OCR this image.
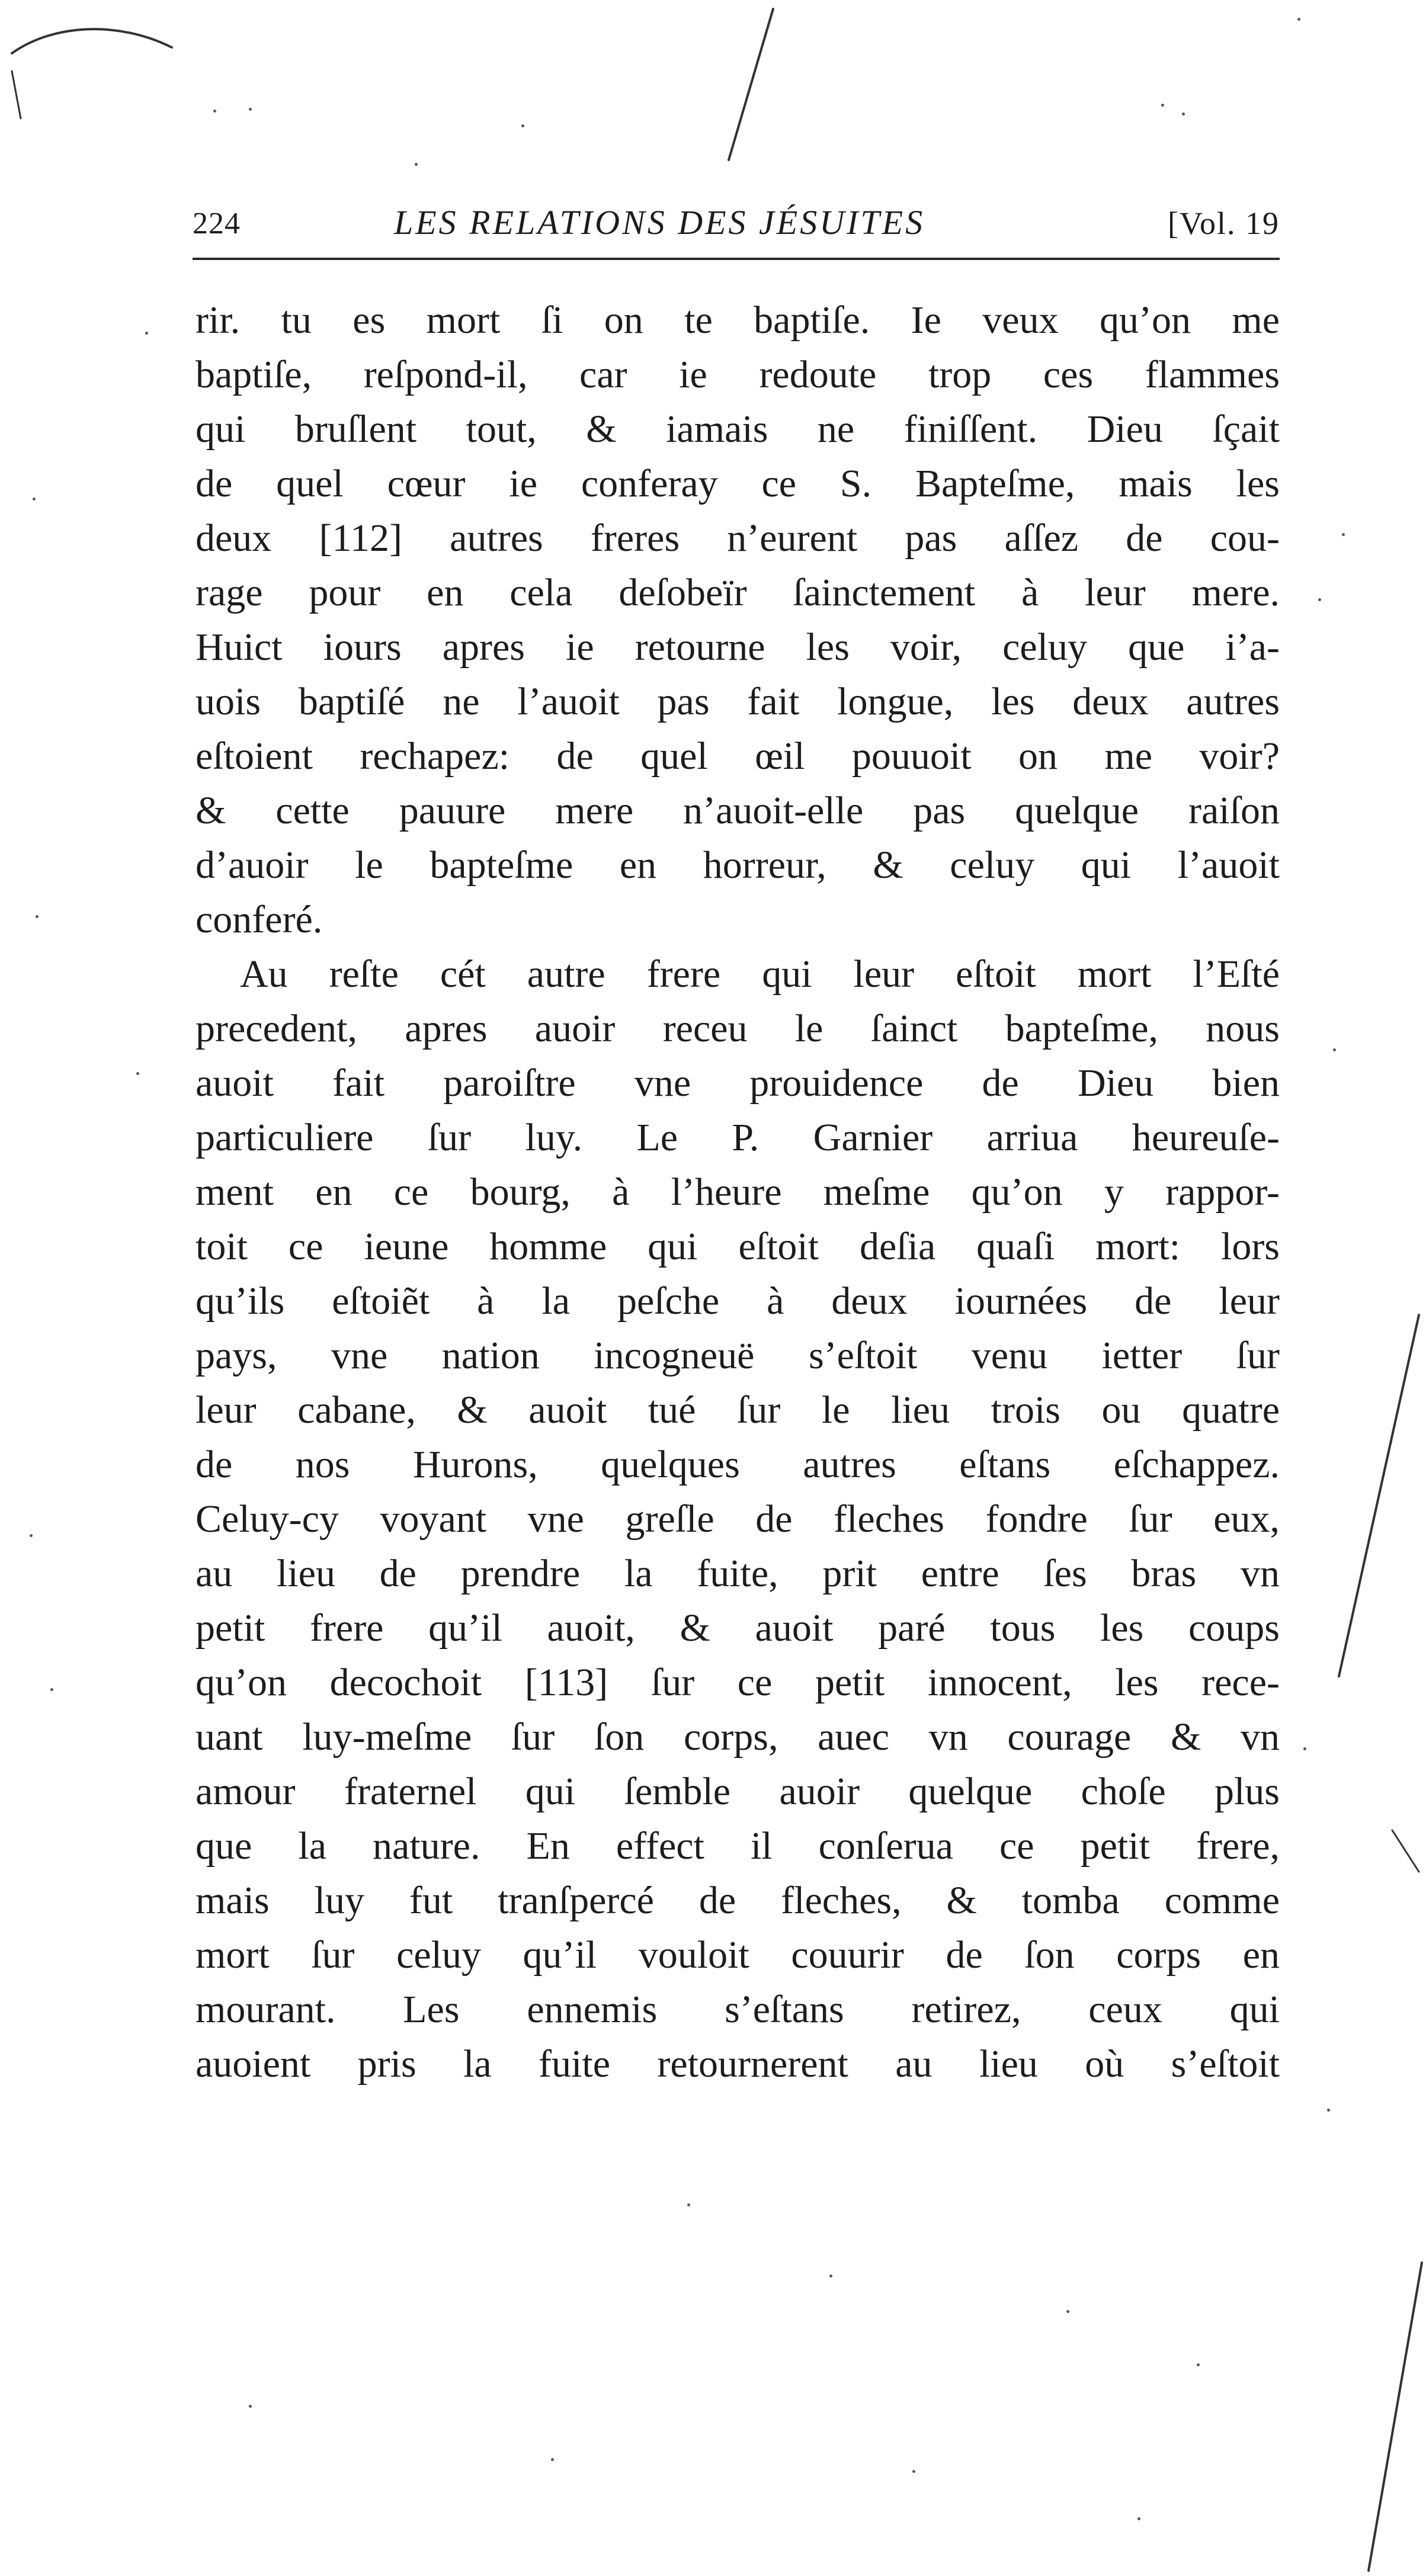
224	LES RELATIONS DES JÉSUITES	[Vol. 19
rir. tu es mort ſi on te baptiſe. Ie veux qu’on me
baptiſe, reſpond-il, car ie redoute trop ces flammes
qui bruſlent tout, & iamais ne finiſſent. Dieu ſçait
de quel cœur ie conferay ce S. Bapteſme, mais les
deux [112] autres freres n’eurent pas aſſez de cou-
rage pour en cela deſobeïr ſainctement à leur mere.
Huict iours apres ie retourne les voir, celuy que i’a-
uois baptiſé ne l’auoit pas fait longue, les deux autres
eſtoient rechapez: de quel œil pouuoit on me voir?
& cette pauure mere n’auoit-elle pas quelque raiſon
d’auoir le bapteſme en horreur, & celuy qui l’auoit
conferé.
Au reſte cét autre frere qui leur eſtoit mort l’Eſté
precedent, apres auoir receu le ſainct bapteſme, nous
auoit fait paroiſtre vne prouidence de Dieu bien
particuliere ſur luy. Le P. Garnier arriua heureuſe-
ment en ce bourg, à l’heure meſme qu’on y rappor-
toit ce ieune homme qui eſtoit deſia quaſi mort: lors
qu’ils eſtoiẽt à la peſche à deux iournées de leur
pays, vne nation incogneuë s’eſtoit venu ietter ſur
leur cabane, & auoit tué ſur le lieu trois ou quatre
de nos Hurons, quelques autres eſtans eſchappez.
Celuy-cy voyant vne greſle de fleches fondre ſur eux,
au lieu de prendre la fuite, prit entre ſes bras vn
petit frere qu’il auoit, & auoit paré tous les coups
qu’on decochoit [113] ſur ce petit innocent, les rece-
uant luy-meſme ſur ſon corps, auec vn courage & vn
amour fraternel qui ſemble auoir quelque choſe plus
que la nature. En effect il conſerua ce petit frere,
mais luy fut tranſpercé de fleches, & tomba comme
mort ſur celuy qu’il vouloit couurir de ſon corps en
mourant. Les ennemis s’eſtans retirez, ceux qui
auoient pris la fuite retournerent au lieu où s’eſtoit
